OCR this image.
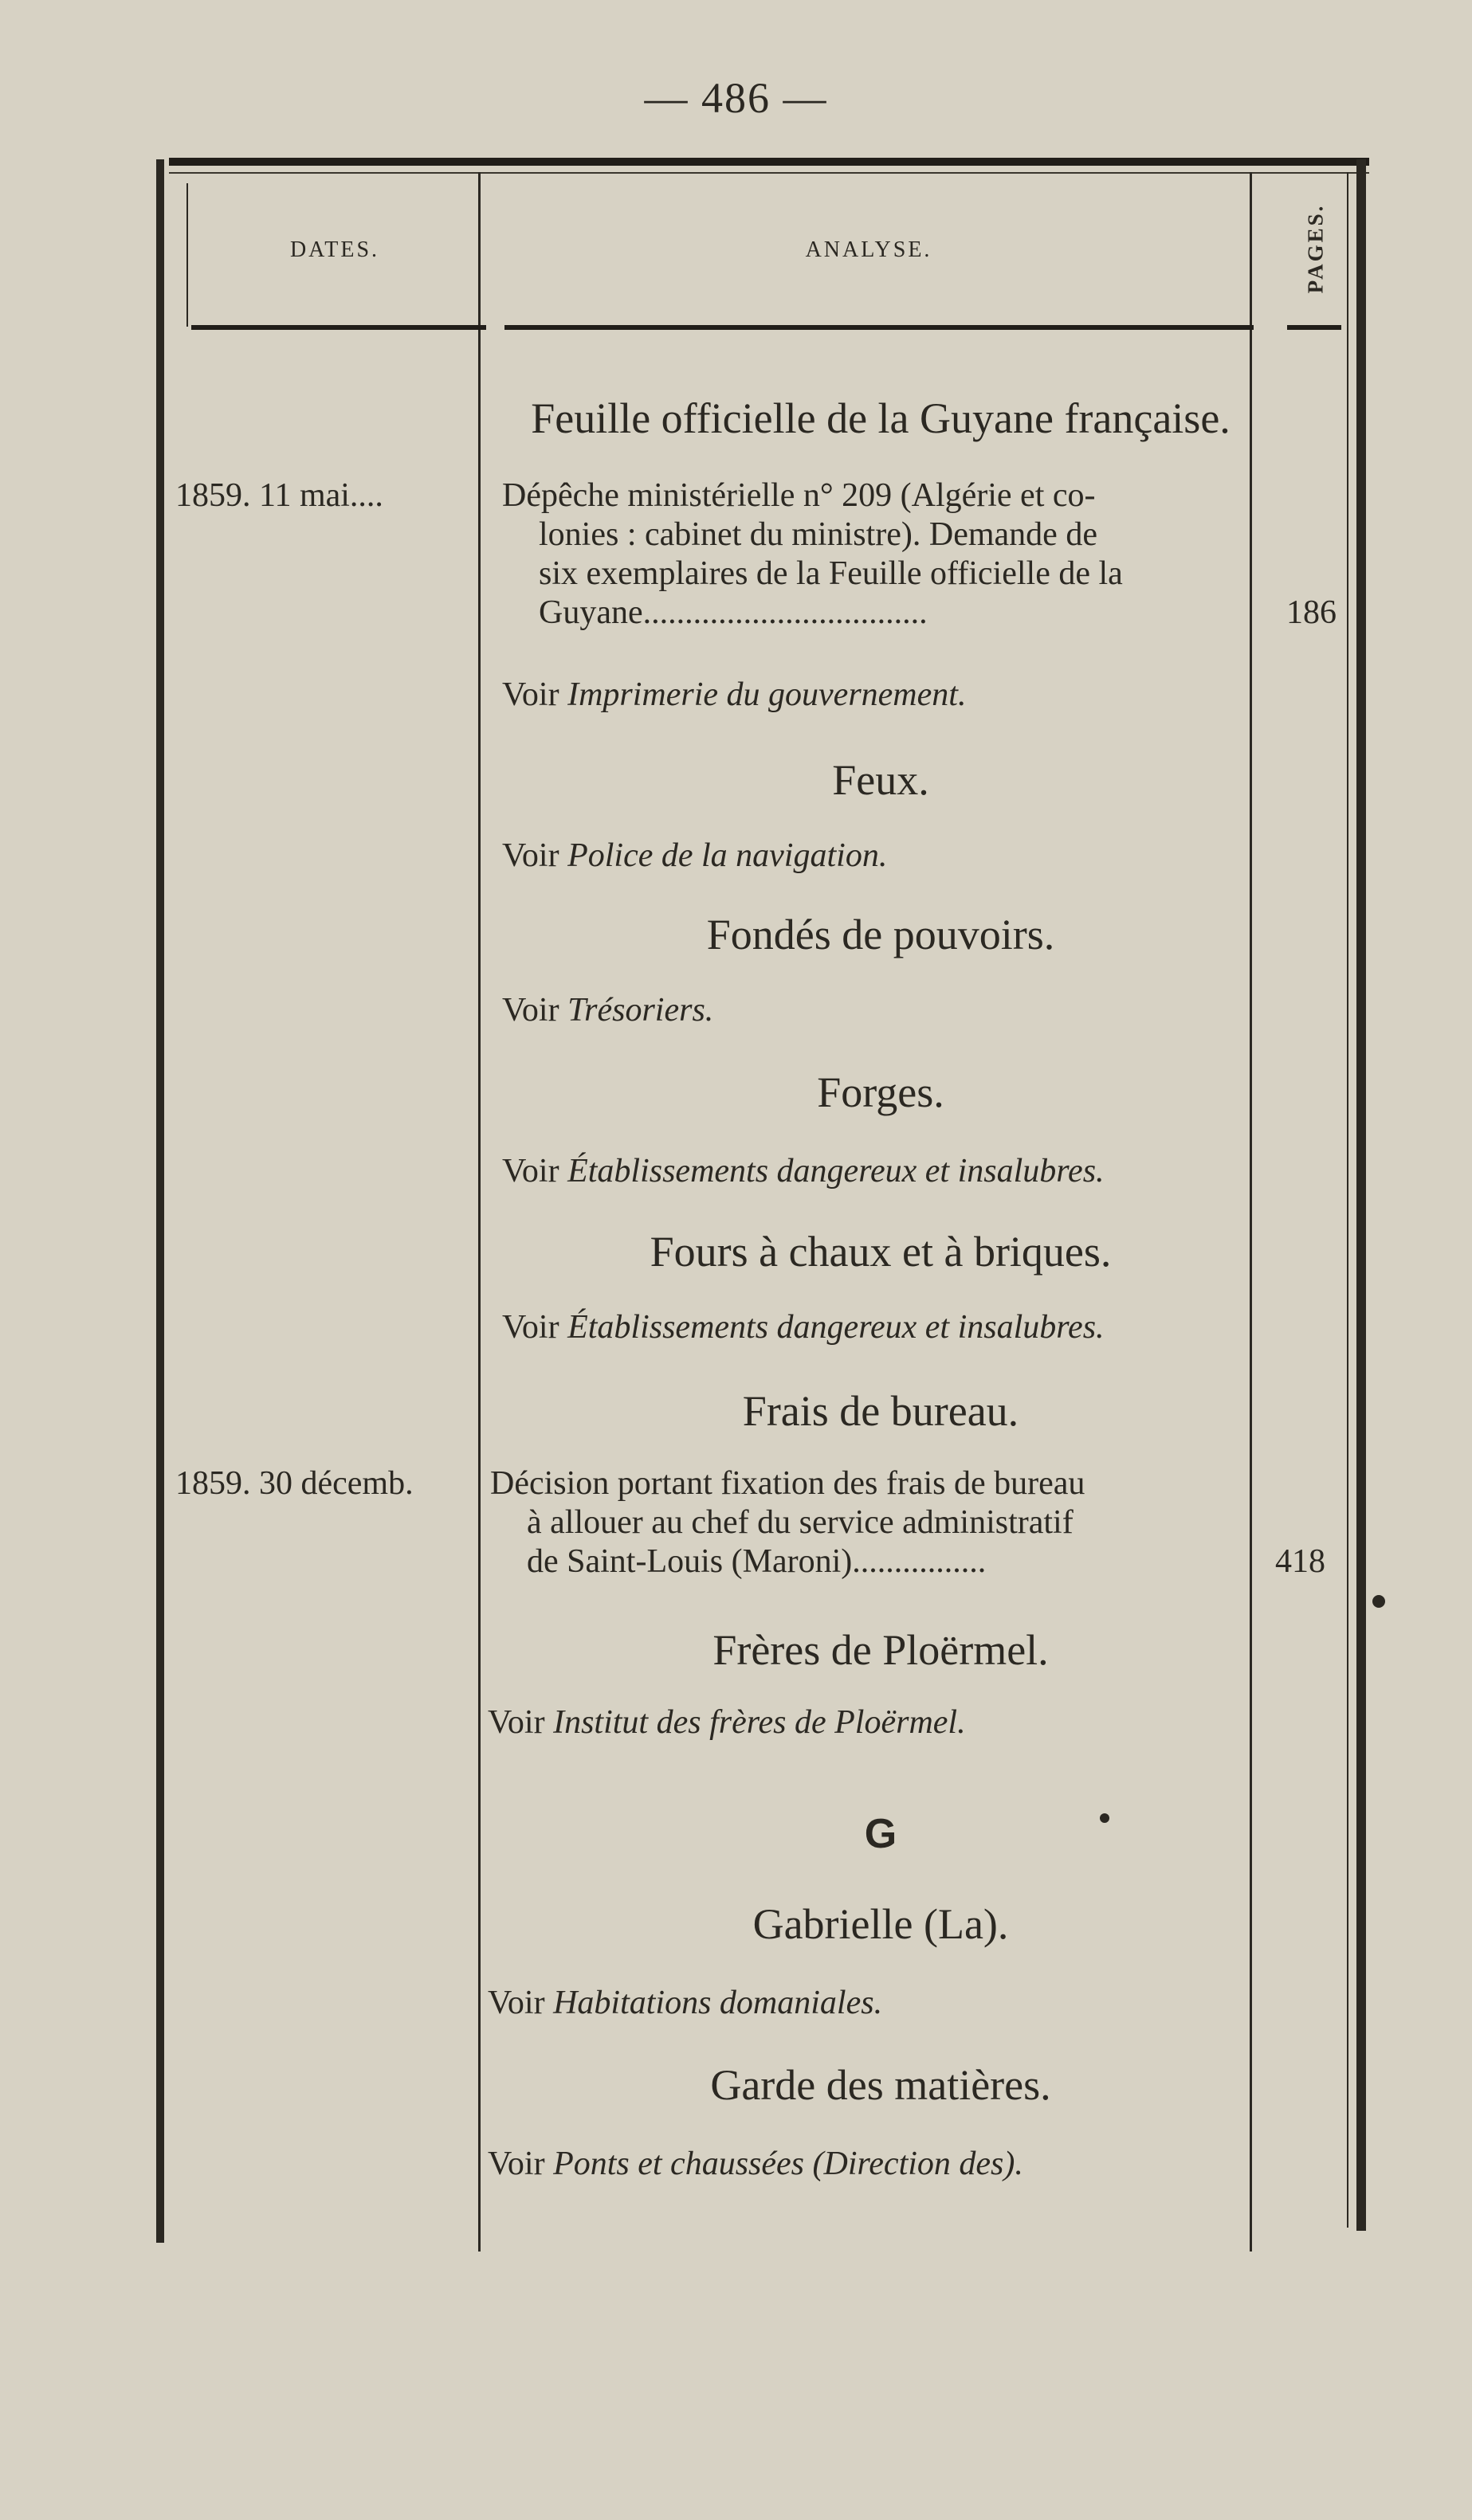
— 486 —
DATES.	ANALYSE.	PAGES.
Feuille officielle de la Guyane française.
1859. 11 mai....	Dépêche ministérielle n° 209 (Algérie et co-
lonies : cabinet du ministre). Demande de
six exemplaires de la Feuille officielle de la
Guyane..................................	186
Voir Imprimerie du gouvernement.
Feux.
Voir Police de la navigation.
Fondés de pouvoirs.
Voir Trésoriers.
Forges.
Voir Établissements dangereux et insalubres.
Fours à chaux et à briques.
Voir Établissements dangereux et insalubres.
Frais de bureau.
1859. 30 décemb. Décision portant fixation des frais de bureau
à allouer au chef du service administratif
de Saint-Louis (Maroni)................	418
Frères de Ploërmel.
Voir Institut des frères de Ploërmel.
G
Gabrielle (La).
Voir Habitations domaniales.
Garde des matières.
Voir Ponts et chaussées (Direction des).
